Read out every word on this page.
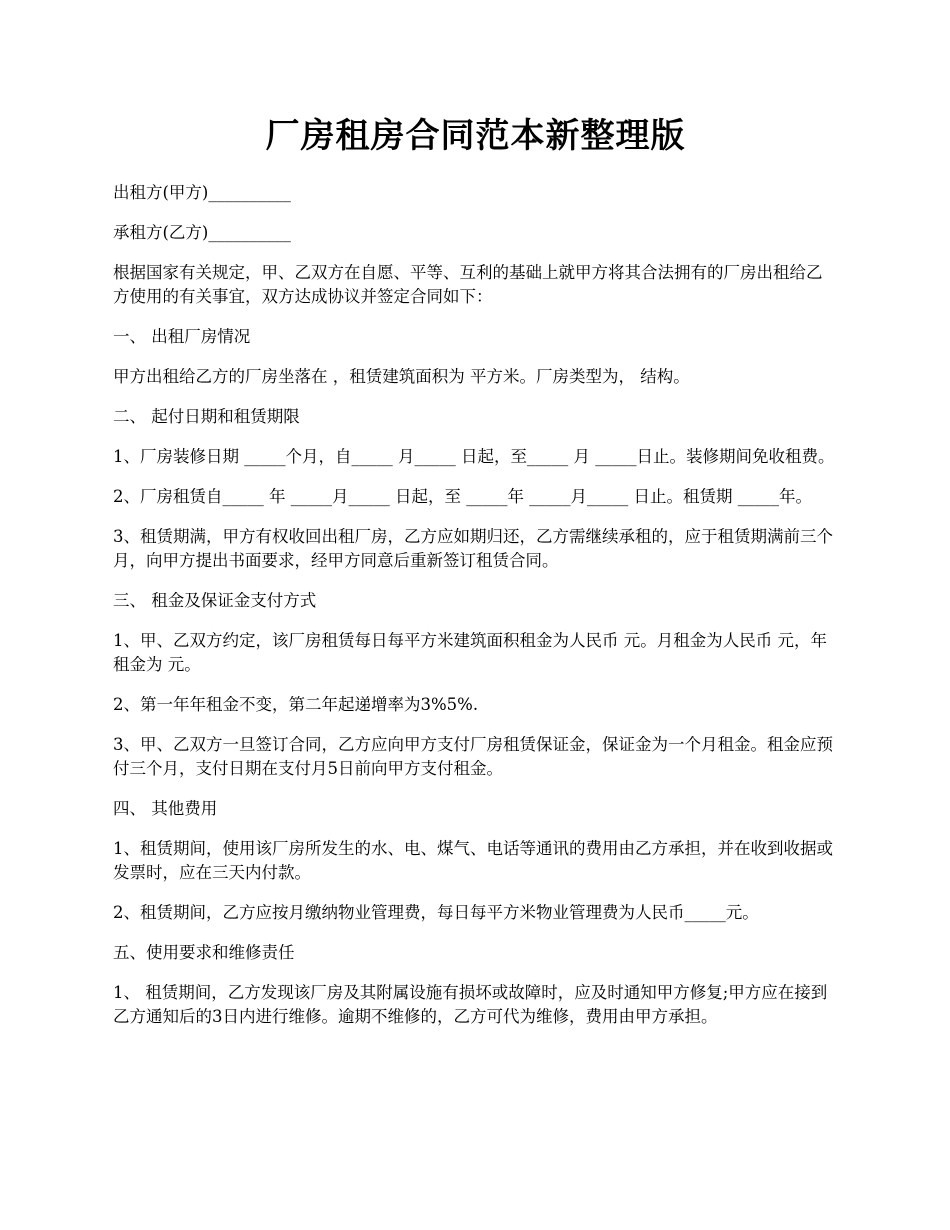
厂房租房合同范本新整理版

出租方(甲方)__________

承租方(乙方)__________

根据国家有关规定，甲、乙双方在自愿、平等、互利的基础上就甲方将其合法拥有的厂房出租给乙方使用的有关事宜，双方达成协议并签定合同如下：

一、 出租厂房情况

甲方出租给乙方的厂房坐落在 ，租赁建筑面积为 平方米。厂房类型为， 结构。

二、 起付日期和租赁期限

1、厂房装修日期 _____个月，自_____ 月_____ 日起，至_____ 月 _____日止。装修期间免收租费。

2、厂房租赁自_____ 年 _____月_____ 日起，至 _____年 _____月_____ 日止。租赁期 _____年。

3、租赁期满，甲方有权收回出租厂房，乙方应如期归还，乙方需继续承租的，应于租赁期满前三个月，向甲方提出书面要求，经甲方同意后重新签订租赁合同。

三、 租金及保证金支付方式

1、甲、乙双方约定，该厂房租赁每日每平方米建筑面积租金为人民币 元。月租金为人民币 元，年租金为 元。

2、第一年年租金不变，第二年起递增率为3%5%.

3、甲、乙双方一旦签订合同，乙方应向甲方支付厂房租赁保证金，保证金为一个月租金。租金应预付三个月，支付日期在支付月5日前向甲方支付租金。

四、 其他费用

1、租赁期间，使用该厂房所发生的水、电、煤气、电话等通讯的费用由乙方承担，并在收到收据或发票时，应在三天内付款。

2、租赁期间，乙方应按月缴纳物业管理费，每日每平方米物业管理费为人民币_____元。

五、使用要求和维修责任

1、 租赁期间，乙方发现该厂房及其附属设施有损坏或故障时，应及时通知甲方修复;甲方应在接到乙方通知后的3日内进行维修。逾期不维修的，乙方可代为维修，费用由甲方承担。
